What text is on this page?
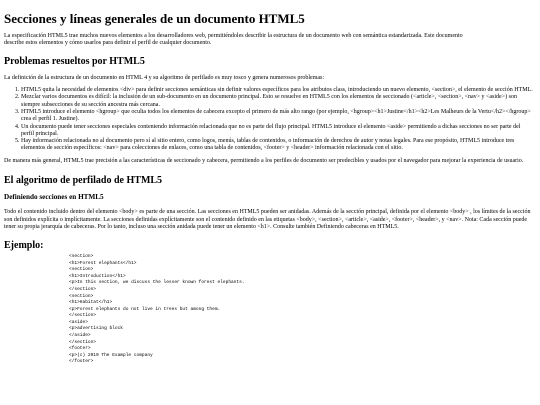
Secciones y líneas generales de un documento HTML5

La especificación HTML5 trae muchos nuevos elementos a los desarrolladores web, permitiéndoles describir la estructura de un documento web con semántica estandarizada. Este documento
describe estos elementos y cómo usarlos para definir el perfil de cualquier documento.

Problemas resueltos por HTML5

La definición de la estructura de un documento en HTML 4 y su algoritmo de perfilado es muy tosco y genera numerosos problemas:

1. HTML5 quita la necesidad de elementos <div> para definir secciones semánticas sin definir valores específicos para los atributos class, introduciendo un nuevo elemento, <section>, el elemento de sección HTML.
2. Mezclar varios documentos es difícil: la inclusión de un sub-documento en un documento principal. Esto se resuelve en HTML5 con los elementos de seccionado (<article>, <section>, <nav> y <aside>) son siempre subsecciones de su sección ancestra más cercana.
3. HTML5 introduce el elemento <hgroup> que oculta todos los elementos de cabecera excepto el primero de más alto rango (por ejemplo, <hgroup><h1>Justine</h1><h2>Les Malheurs de la Vertu</h2></hgroup> crea el perfil 1. Justine).
4. Un documento puede tener secciones especiales conteniendo información relacionada que no es parte del flujo principal. HTML5 introduce el elemento <aside> permitiendo a dichas secciones no ser parte del perfil principal.
5. Hay información relacionada no al documento pero sí al sitio entero, como logos, menús, tablas de contenidos, o información de derechos de autor y notas legales. Para ese propósito, HTML5 introduce tres elementos de sección específicos: <nav> para colecciones de enlaces, como una tabla de contenidos, <footer> y <header> información relacionada con el sitio.

De manera más general, HTML5 trae precisión a las características de seccionado y cabecera, permitiendo a los perfiles de documento ser predecibles y usados por el navegador para mejorar la experiencia de usuario.

El algoritmo de perfilado de HTML5
Definiendo secciones en HTML5

Todo el contenido incluido dentro del elemento <body> es parte de una sección. Las secciones en HTML5 pueden ser anidadas. Además de la sección principal, definida por el elemento <body> , los límites de la sección son definidos explícita o implícitamente. La secciones definidas explícitamente son el contenido definido en las etiquetas <body>, <section>, <article>, <aside>, <footer>, <header>, y <nav>. Nota: Cada sección puede tener su propia jerarquía de cabeceras. Por lo tanto, incluso una sección anidada puede tener un elemento <h1>. Consulte también Definiendo cabeceras en HTML5.

Ejemplo:
<section>
<h1>Forest elephants</h1>
<section>
<h1>Introduction</h1>
<p>In this section, we discuss the lesser known forest elephants.
</section>
<section>
<h1>Habitat</h1>
<p>Forest elephants do not live in trees but among them.
</section>
<aside>
<p>advertising block
</aside>
</section>
<footer>
<p>(c) 2010 The Example company
</footer>
